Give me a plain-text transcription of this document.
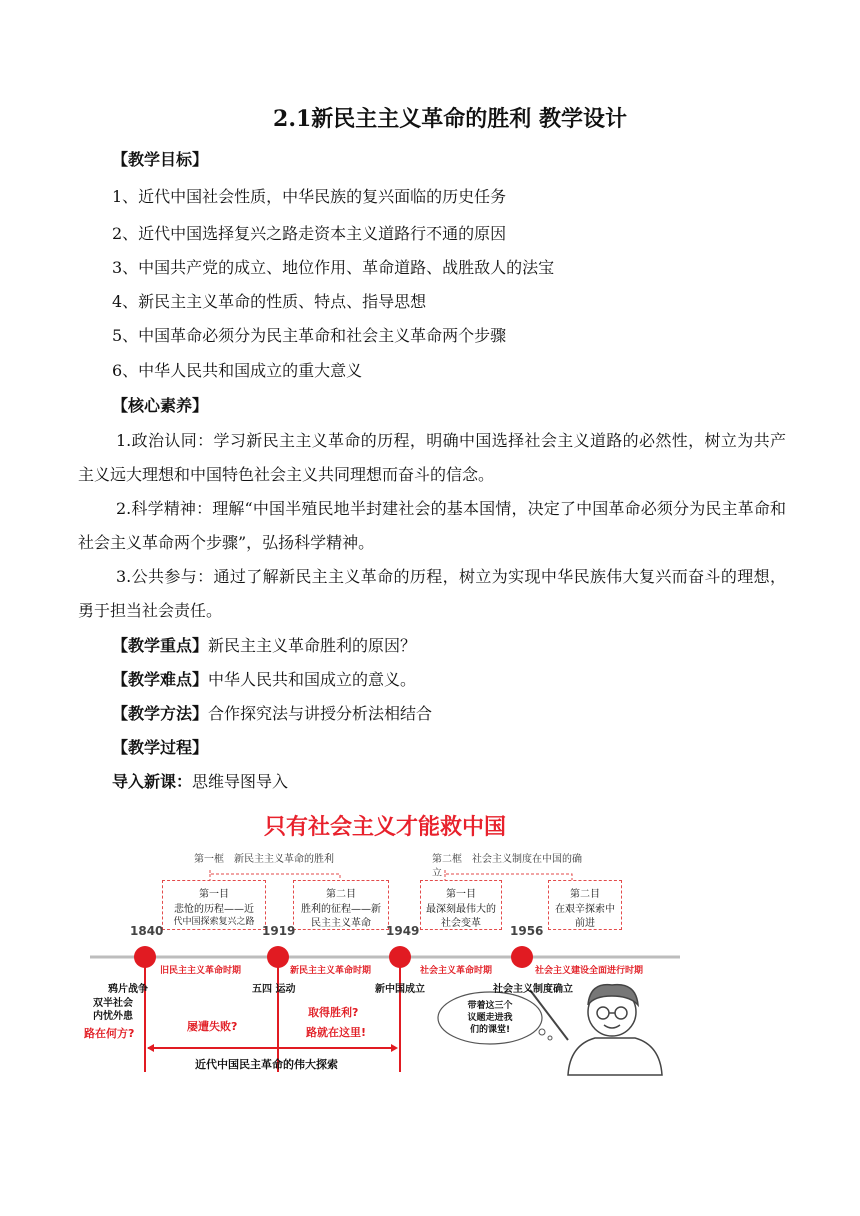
2.1新民主主义革命的胜利 教学设计
【教学目标】
1、近代中国社会性质，中华民族的复兴面临的历史任务
2、近代中国选择复兴之路走资本主义道路行不通的原因
3、中国共产党的成立、地位作用、革命道路、战胜敌人的法宝
4、新民主主义革命的性质、特点、指导思想
5、中国革命必须分为民主革命和社会主义革命两个步骤
6、中华人民共和国成立的重大意义
【核心素养】
1.政治认同：学习新民主主义革命的历程，明确中国选择社会主义道路的必然性，树立为共产主义远大理想和中国特色社会主义共同理想而奋斗的信念。
2.科学精神：理解“中国半殖民地半封建社会的基本国情，决定了中国革命必须分为民主革命和社会主义革命两个步骤”，弘扬科学精神。
3.公共参与：通过了解新民主主义革命的历程，树立为实现中华民族伟大复兴而奋斗的理想，勇于担当社会责任。
【教学重点】新民主主义革命胜利的原因？
【教学难点】中华人民共和国成立的意义。
【教学方法】合作探究法与讲授分析法相结合
【教学过程】
导入新课：思维导图导入
只有社会主义才能救中国
第一框　新民主主义革命的胜利	第二框　社会主义制度在中国的确
立
第一目
悲怆的历程——近
代中国探索复兴之路
第二目
胜利的征程——新
民主主义革命
第一目
最深刻最伟大的
社会变革
第二目
在艰辛探索中
前进
1840	1919	1949	1956
旧民主主义革命时期	新民主主义革命时期	社会主义革命时期	社会主义建设全面进行时期
鸦片战争	五四 运动	新中国成立	社会主义制度确立
双半社会
内忧外患
路在何方?
屡遭失败?
取得胜利?
路就在这里!
带着这三个
议题走进我
们的课堂!
近代中国民主革命的伟大探索
